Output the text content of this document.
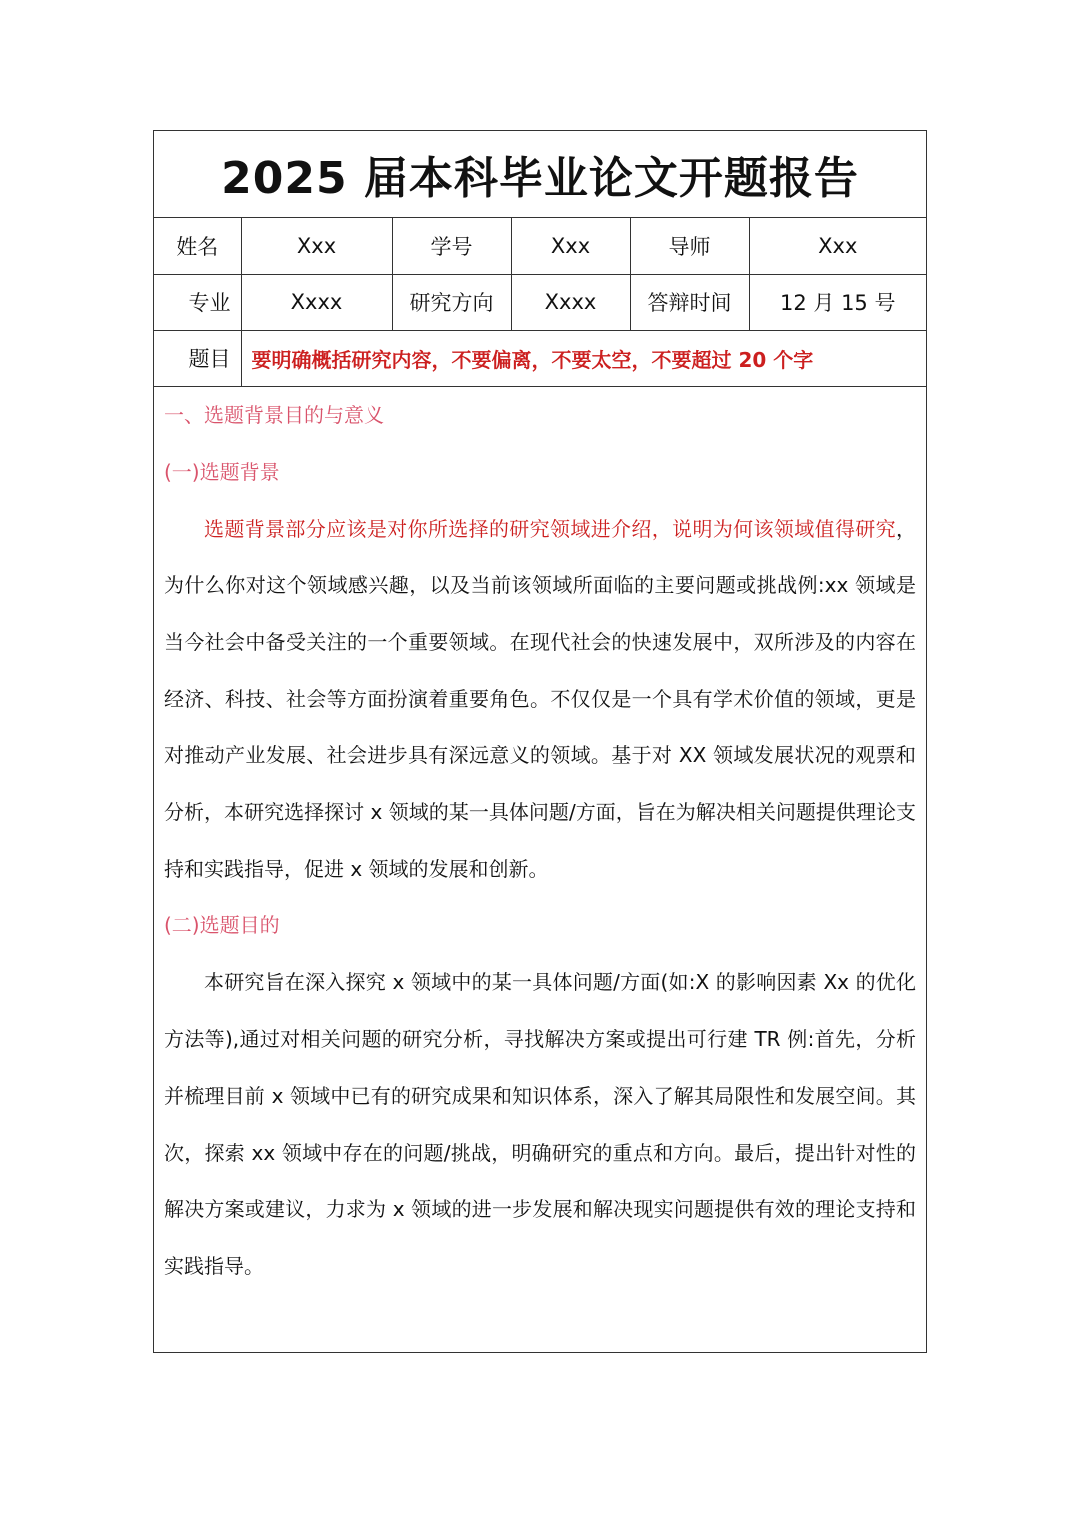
2025 届本科毕业论文开题报告
姓名	Xxx	学号	Xxx	导师	Xxx
专业	Xxxx	研究方向	Xxxx	答辩时间	12 月 15 号
题目	要明确概括研究内容，不要偏离，不要太空，不要超过 20 个字				

一、选题背景目的与意义

(一)选题背景

选题背景部分应该是对你所选择的研究领域进介绍，说明为何该领域值得研究，为什么你对这个领域感兴趣，以及当前该领域所面临的主要问题或挑战例:xx 领域是当今社会中备受关注的一个重要领域。在现代社会的快速发展中，双所涉及的内容在经济、科技、社会等方面扮演着重要角色。不仅仅是一个具有学术价值的领域，更是对推动产业发展、社会进步具有深远意义的领域。基于对 XX 领域发展状况的观票和分析，本研究选择探讨 x 领域的某一具体问题/方面，旨在为解决相关问题提供理论支持和实践指导，促进 x 领域的发展和创新。

(二)选题目的

本研究旨在深入探究 x 领域中的某一具体问题/方面(如:X 的影响因素 Xx 的优化方法等),通过对相关问题的研究分析，寻找解决方案或提出可行建 TR 例:首先，分析并梳理目前 x 领域中已有的研究成果和知识体系，深入了解其局限性和发展空间。其次，探索 xx 领域中存在的问题/挑战，明确研究的重点和方向。最后，提出针对性的解决方案或建议，力求为 x 领域的进一步发展和解决现实问题提供有效的理论支持和实践指导。
